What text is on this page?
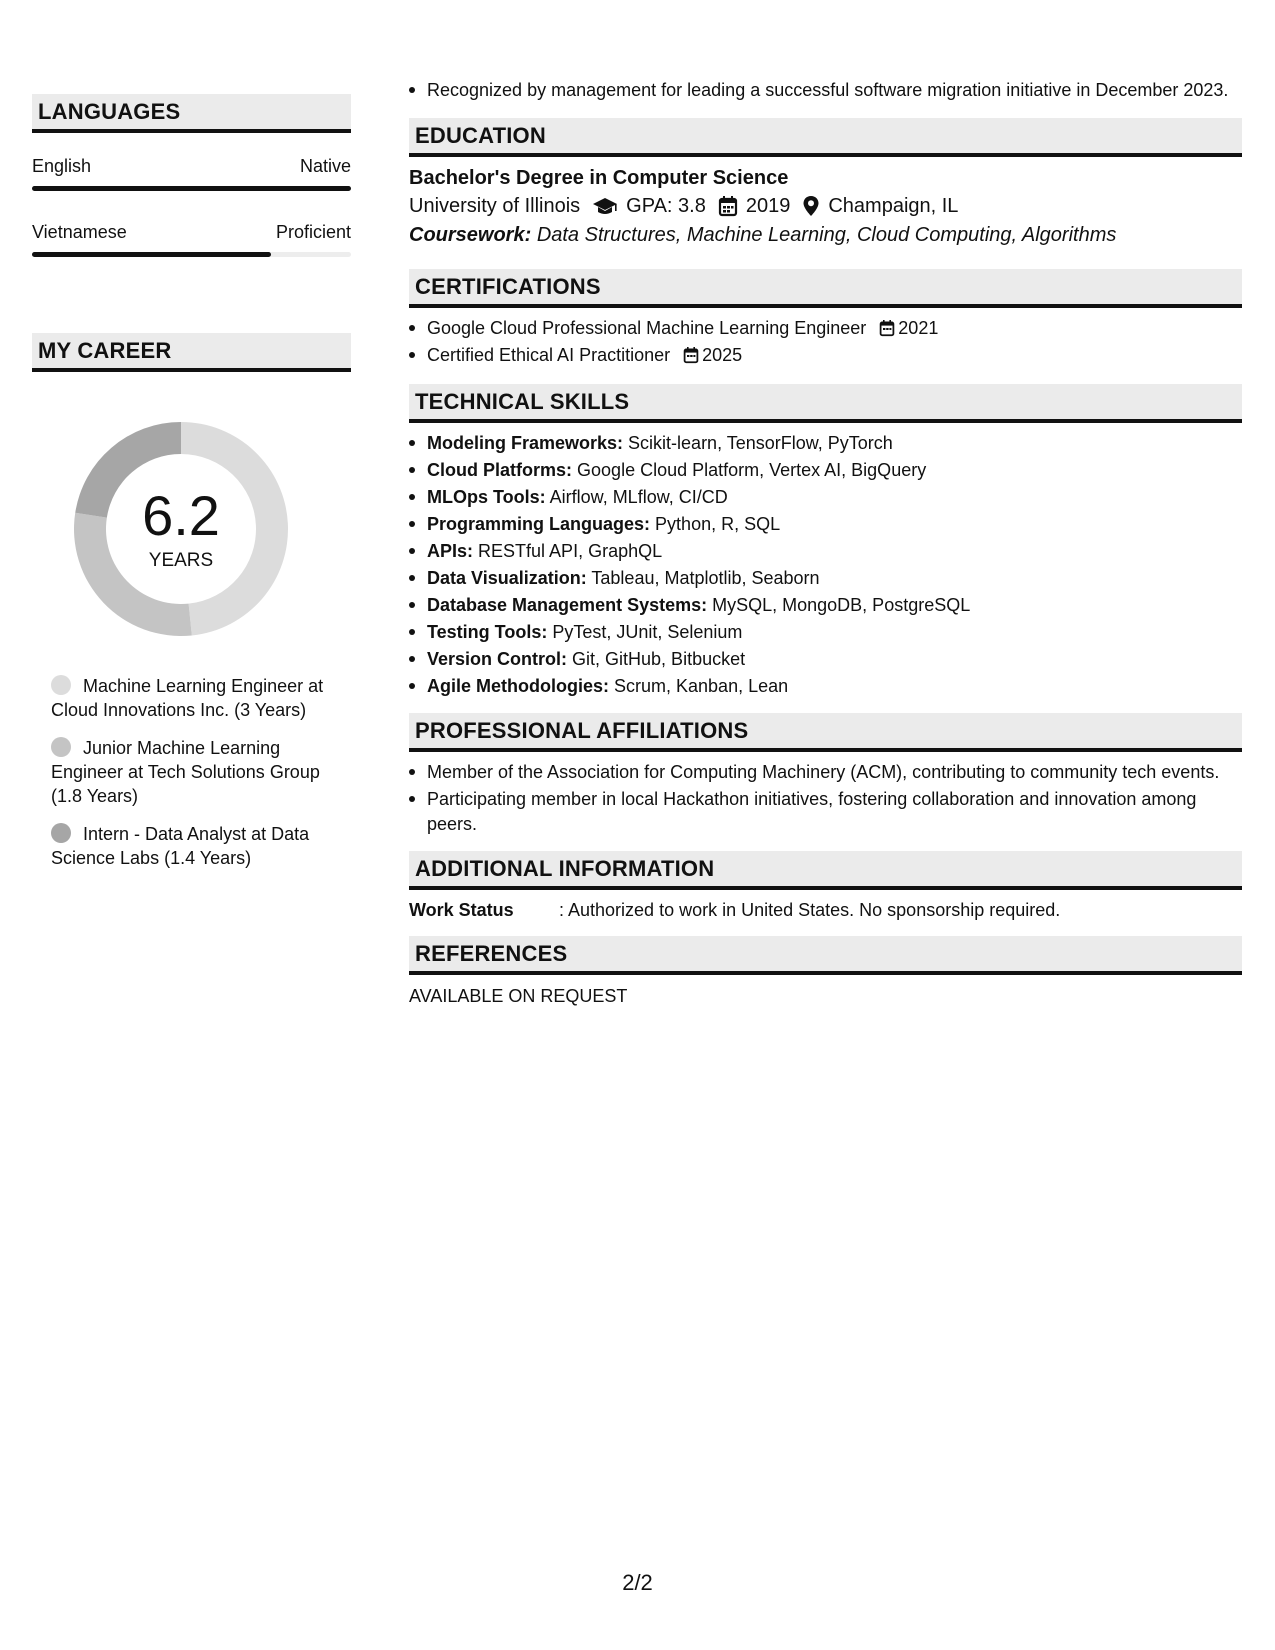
LANGUAGES
English	Native
Vietnamese	Proficient
MY CAREER
6.2
YEARS
Machine Learning Engineer at Cloud Innovations Inc. (3 Years)
Junior Machine Learning Engineer at Tech Solutions Group (1.8 Years)
Intern - Data Analyst at Data Science Labs (1.4 Years)
Recognized by management for leading a successful software migration initiative in December 2023.
EDUCATION
Bachelor's Degree in Computer Science
University of Illinois GPA: 3.8 2019 Champaign, IL
Coursework: Data Structures, Machine Learning, Cloud Computing, Algorithms
CERTIFICATIONS
Google Cloud Professional Machine Learning Engineer 2021
Certified Ethical AI Practitioner 2025
TECHNICAL SKILLS
Modeling Frameworks: Scikit-learn, TensorFlow, PyTorch
Cloud Platforms: Google Cloud Platform, Vertex AI, BigQuery
MLOps Tools: Airflow, MLflow, CI/CD
Programming Languages: Python, R, SQL
APIs: RESTful API, GraphQL
Data Visualization: Tableau, Matplotlib, Seaborn
Database Management Systems: MySQL, MongoDB, PostgreSQL
Testing Tools: PyTest, JUnit, Selenium
Version Control: Git, GitHub, Bitbucket
Agile Methodologies: Scrum, Kanban, Lean
PROFESSIONAL AFFILIATIONS
Member of the Association for Computing Machinery (ACM), contributing to community tech events.
Participating member in local Hackathon initiatives, fostering collaboration and innovation among peers.
ADDITIONAL INFORMATION
Work Status	: Authorized to work in United States. No sponsorship required.
REFERENCES
AVAILABLE ON REQUEST
2/2
